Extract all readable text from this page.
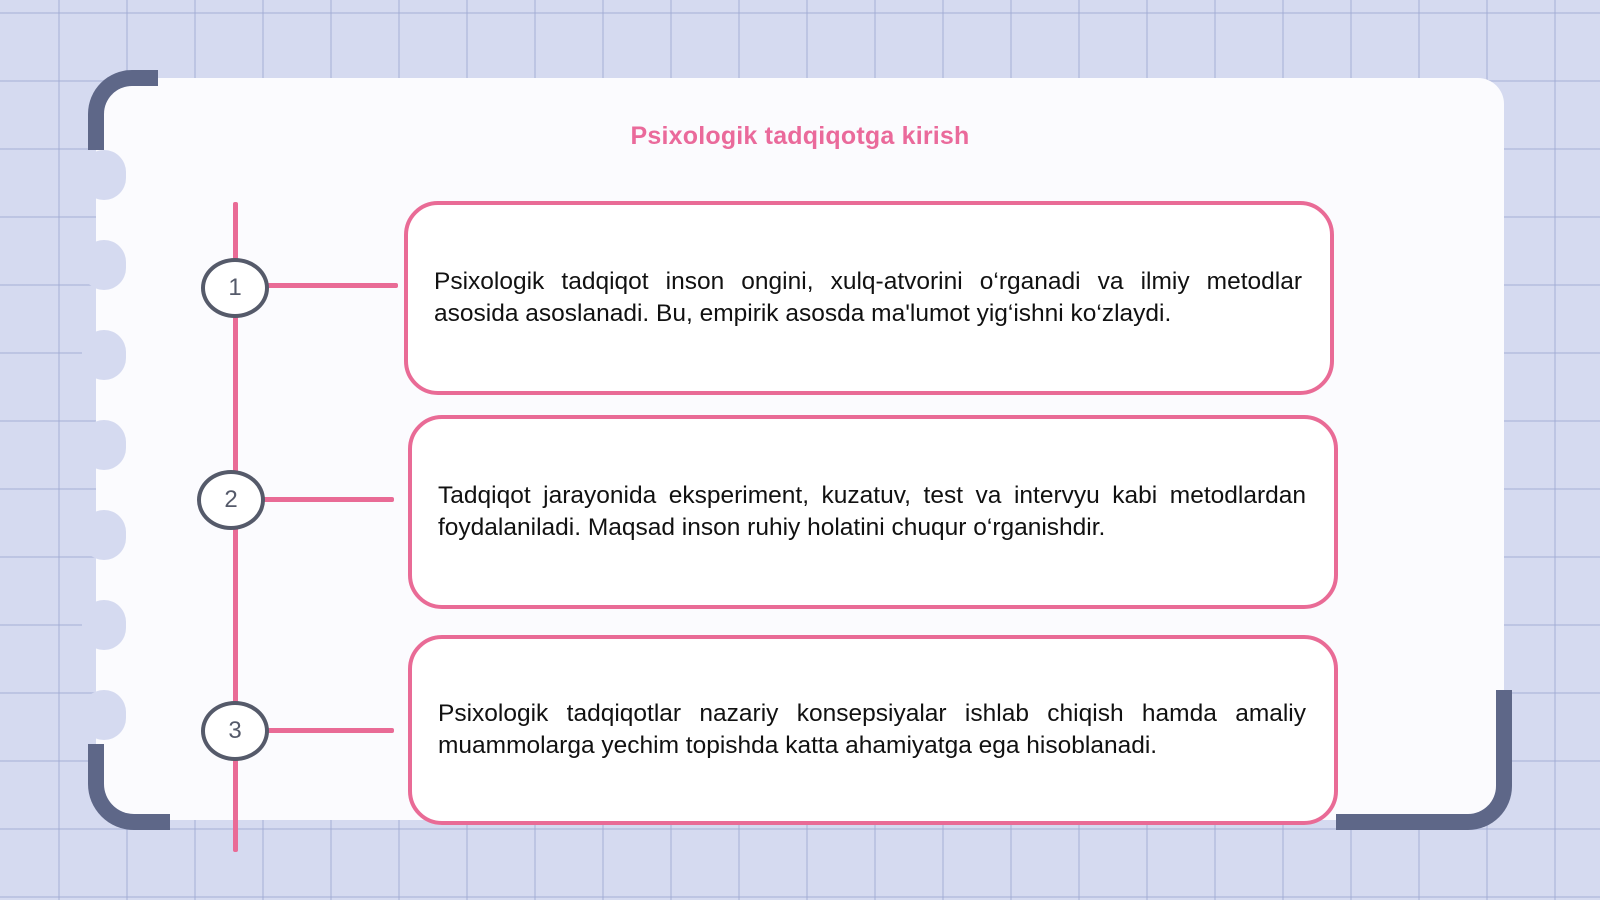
Psixologik tadqiqotga kirish
1	Psixologik tadqiqot inson ongini, xulq-atvorini o‘rganadi va ilmiy metodlar asosida asoslanadi. Bu, empirik asosda ma'lumot yig‘ishni ko‘zlaydi.

2	Tadqiqot jarayonida eksperiment, kuzatuv, test va intervyu kabi metodlardan foydalaniladi. Maqsad inson ruhiy holatini chuqur o‘rganishdir.

3

Psixologik tadqiqotlar nazariy konsepsiyalar ishlab chiqish hamda amaliy muammolarga yechim topishda katta ahamiyatga ega hisoblanadi.
